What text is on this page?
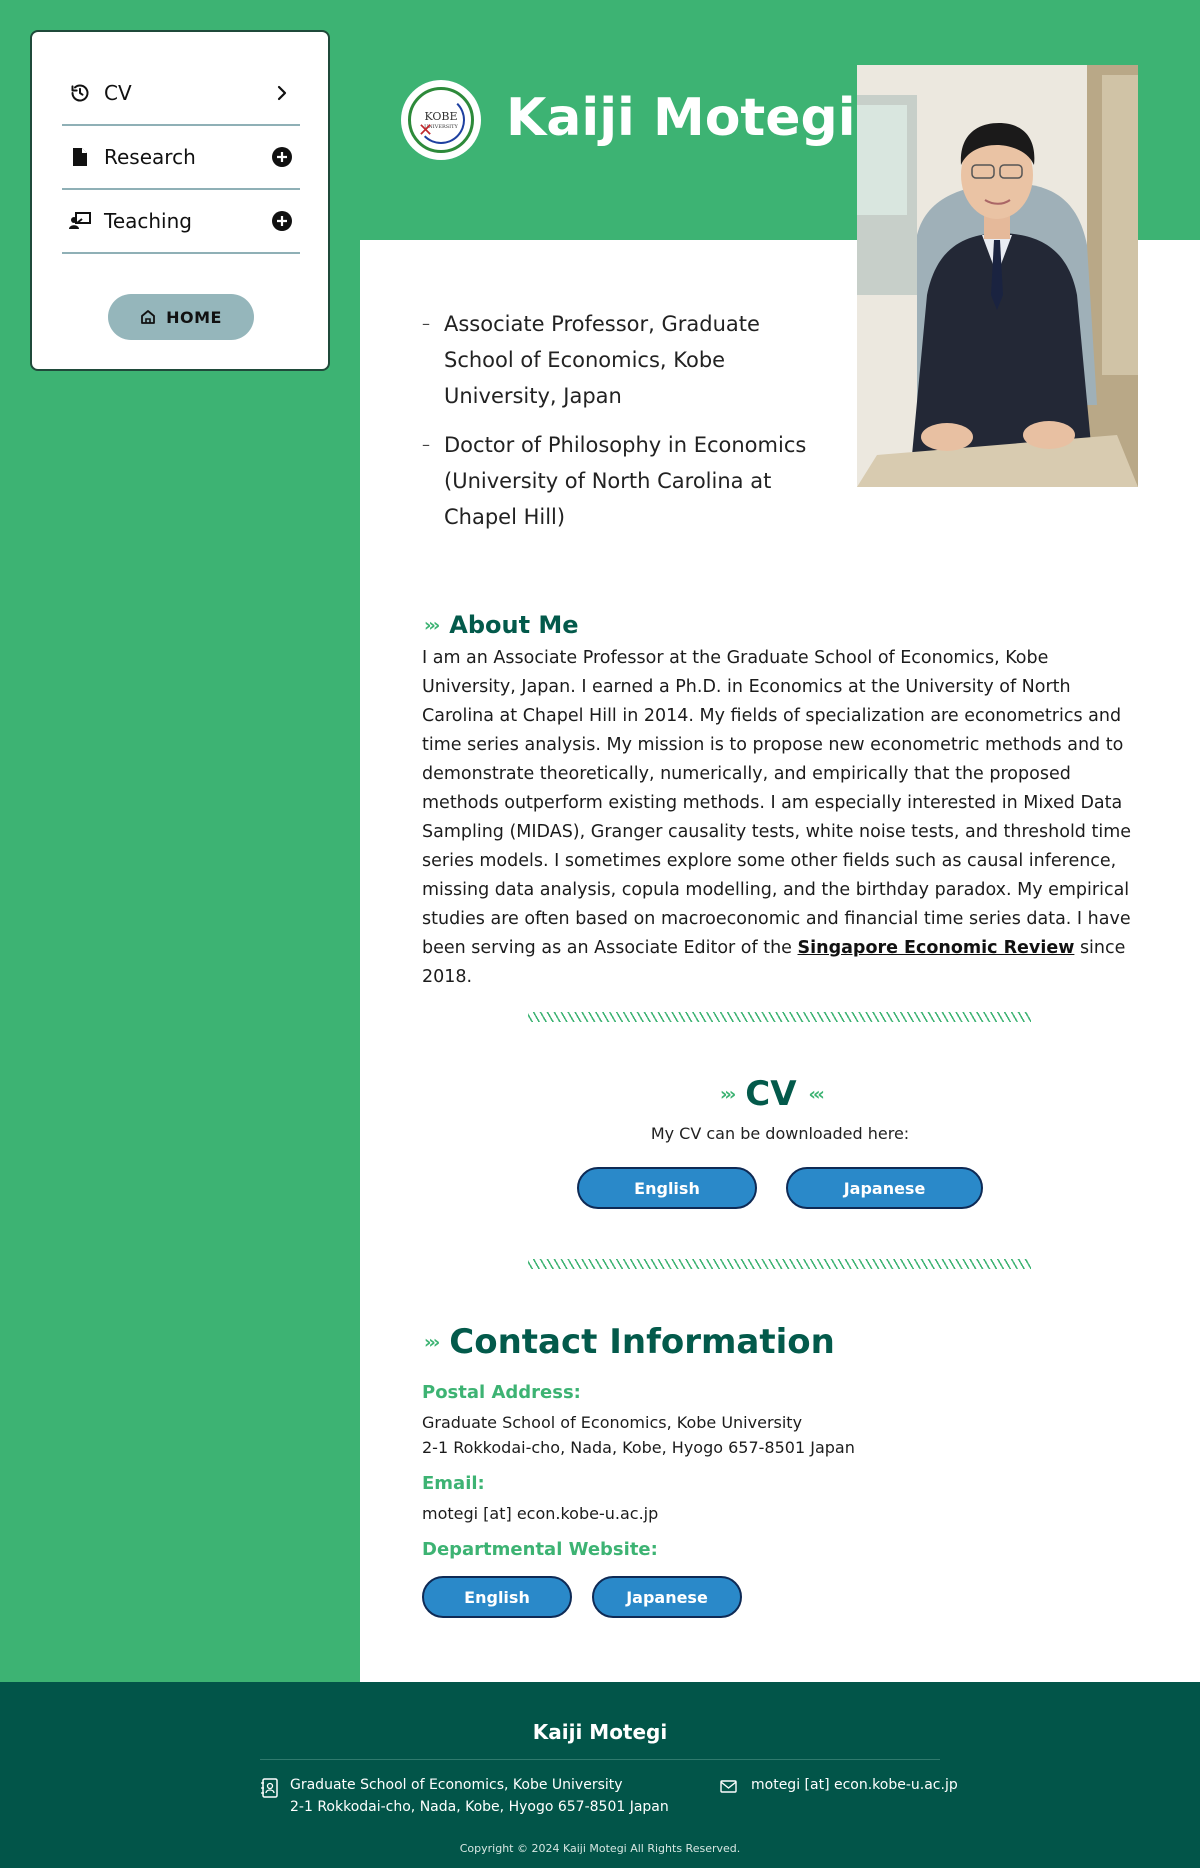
CV
Research
Teaching
HOME
KOBE
UNIVERSITY
✕ Kaiji Motegi
– Associate Professor, Graduate School of Economics, Kobe University, Japan
– Doctor of Philosophy in Economics (University of North Carolina at Chapel Hill)
››› About Me

I am an Associate Professor at the Graduate School of Economics, Kobe University, Japan. I earned a Ph.D. in Economics at the University of North Carolina at Chapel Hill in 2014. My fields of specialization are econometrics and time series analysis. My mission is to propose new econometric methods and to demonstrate theoretically, numerically, and empirically that the proposed methods outperform existing methods. I am especially interested in Mixed Data Sampling (MIDAS), Granger causality tests, white noise tests, and threshold time series models. I sometimes explore some other fields such as causal inference, missing data analysis, copula modelling, and the birthday paradox. My empirical studies are often based on macroeconomic and financial time series data. I have been serving as an Associate Editor of the Singapore Economic Review since 2018.

››› CV ‹‹‹

My CV can be downloaded here:

English	Japanese
››› Contact Information
Postal Address:
Graduate School of Economics, Kobe University
2-1 Rokkodai-cho, Nada, Kobe, Hyogo 657-8501 Japan
Email:
motegi [at] econ.kobe-u.ac.jp
Departmental Website:
English	Japanese
Kaiji Motegi
Graduate School of Economics, Kobe University
2-1 Rokkodai-cho, Nada, Kobe, Hyogo 657-8501 Japan
motegi [at] econ.kobe-u.ac.jp
Copyright © 2024 Kaiji Motegi All Rights Reserved.
